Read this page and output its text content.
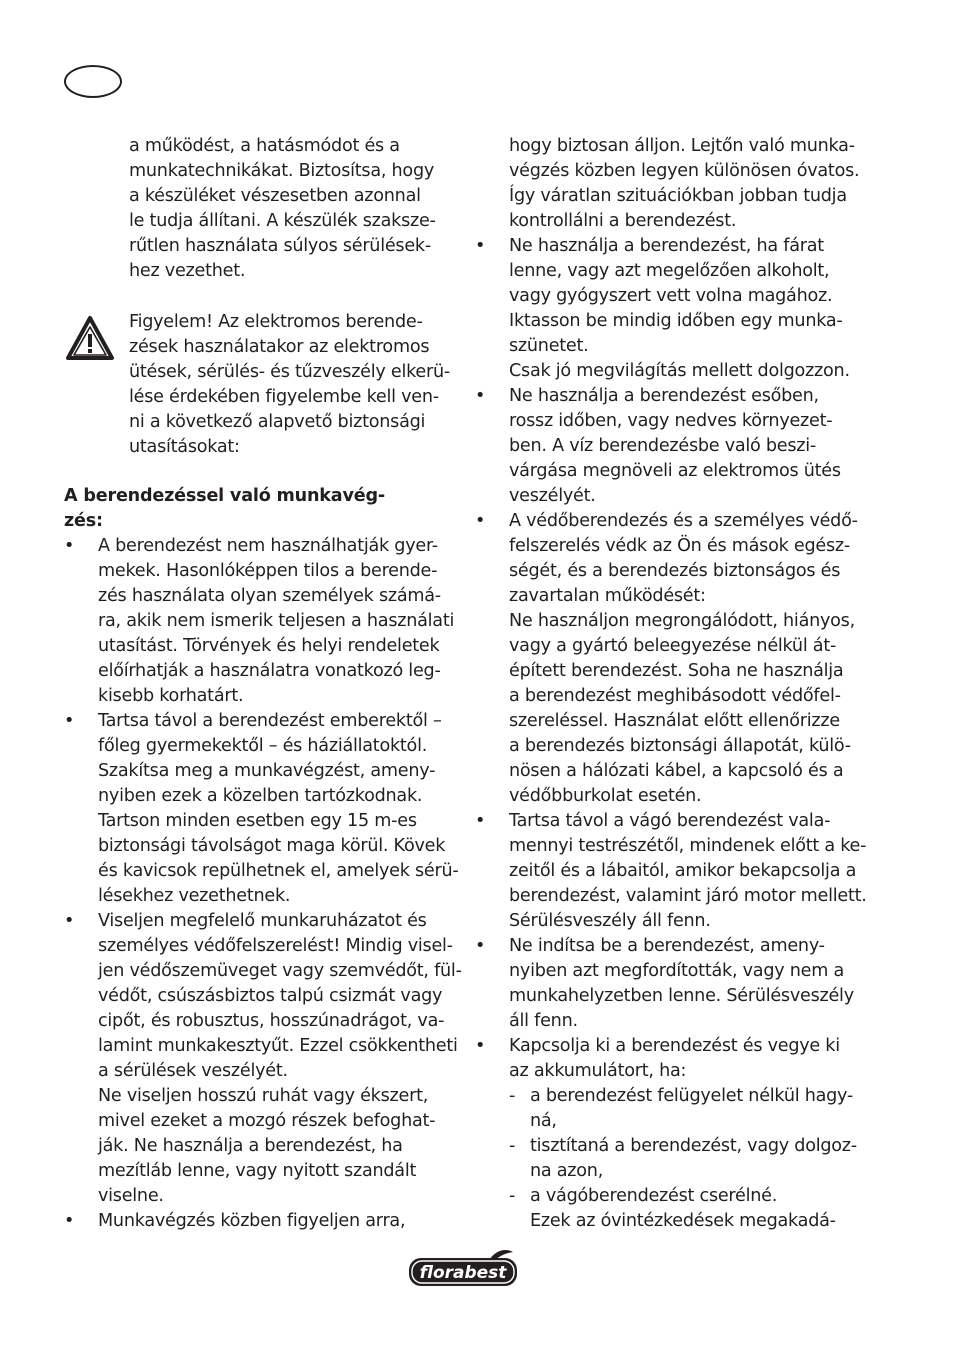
a működést, a hatásmódot és a
munkatechnikákat. Biztosítsa, hogy
a készüléket vészesetben azonnal
le tudja állítani. A készülék szaksze-
rűtlen használata súlyos sérülések-
hez vezethet.
Figyelem! Az elektromos berende-
zések használatakor az elektromos
ütések, sérülés- és tűzveszély elkerü-
lése érdekében figyelembe kell ven-
ni a következő alapvető biztonsági
utasításokat:
A berendezéssel való munkavég-
zés:
• A berendezést nem használhatják gyer-
mekek. Hasonlóképpen tilos a berende-
zés használata olyan személyek számá-
ra, akik nem ismerik teljesen a használati
utasítást. Törvények és helyi rendeletek
előírhatják a használatra vonatkozó leg-
kisebb korhatárt.
• Tartsa távol a berendezést emberektől –
főleg gyermekektől – és háziállatoktól.
Szakítsa meg a munkavégzést, ameny-
nyiben ezek a közelben tartózkodnak.
Tartson minden esetben egy 15 m-es
biztonsági távolságot maga körül. Kövek
és kavicsok repülhetnek el, amelyek sérü-
lésekhez vezethetnek.
• Viseljen megfelelő munkaruházatot és
személyes védőfelszerelést! Mindig visel-
jen védőszemüveget vagy szemvédőt, fül-
védőt, csúszásbiztos talpú csizmát vagy
cipőt, és robusztus, hosszúnadrágot, va-
lamint munkakesztyűt. Ezzel csökkentheti
a sérülések veszélyét.
Ne viseljen hosszú ruhát vagy ékszert,
mivel ezeket a mozgó részek befoghat-
ják. Ne használja a berendezést, ha
mezítláb lenne, vagy nyitott szandált
viselne.
• Munkavégzés közben figyeljen arra,
hogy biztosan álljon. Lejtőn való munka-
végzés közben legyen különösen óvatos.
Így váratlan szituációkban jobban tudja
kontrollálni a berendezést.
• Ne használja a berendezést, ha fárat
lenne, vagy azt megelőzően alkoholt,
vagy gyógyszert vett volna magához.
Iktasson be mindig időben egy munka-
szünetet.
Csak jó megvilágítás mellett dolgozzon.
• Ne használja a berendezést esőben,
rossz időben, vagy nedves környezet-
ben. A víz berendezésbe való beszi-
várgása megnöveli az elektromos ütés
veszélyét.
• A védőberendezés és a személyes védő-
felszerelés védk az Ön és mások egész-
ségét, és a berendezés biztonságos és
zavartalan működését:
Ne használjon megrongálódott, hiányos,
vagy a gyártó beleegyezése nélkül át-
épített berendezést. Soha ne használja
a berendezést meghibásodott védőfel-
szereléssel. Használat előtt ellenőrizze
a berendezés biztonsági állapotát, külö-
nösen a hálózati kábel, a kapcsoló és a
védőbburkolat esetén.
• Tartsa távol a vágó berendezést vala-
mennyi testrészétől, mindenek előtt a ke-
zeitől és a lábaitól, amikor bekapcsolja a
berendezést, valamint járó motor mellett.
Sérülésveszély áll fenn.
• Ne indítsa be a berendezést, ameny-
nyiben azt megfordították, vagy nem a
munkahelyzetben lenne. Sérülésveszély
áll fenn.
• Kapcsolja ki a berendezést és vegye ki
az akkumulátort, ha:
- a berendezést felügyelet nélkül hagy-
ná,
- tisztítaná a berendezést, vagy dolgoz-
na azon,
- a vágóberendezést cserélné.
Ezek az óvintézkedések megakadá-
florabest
